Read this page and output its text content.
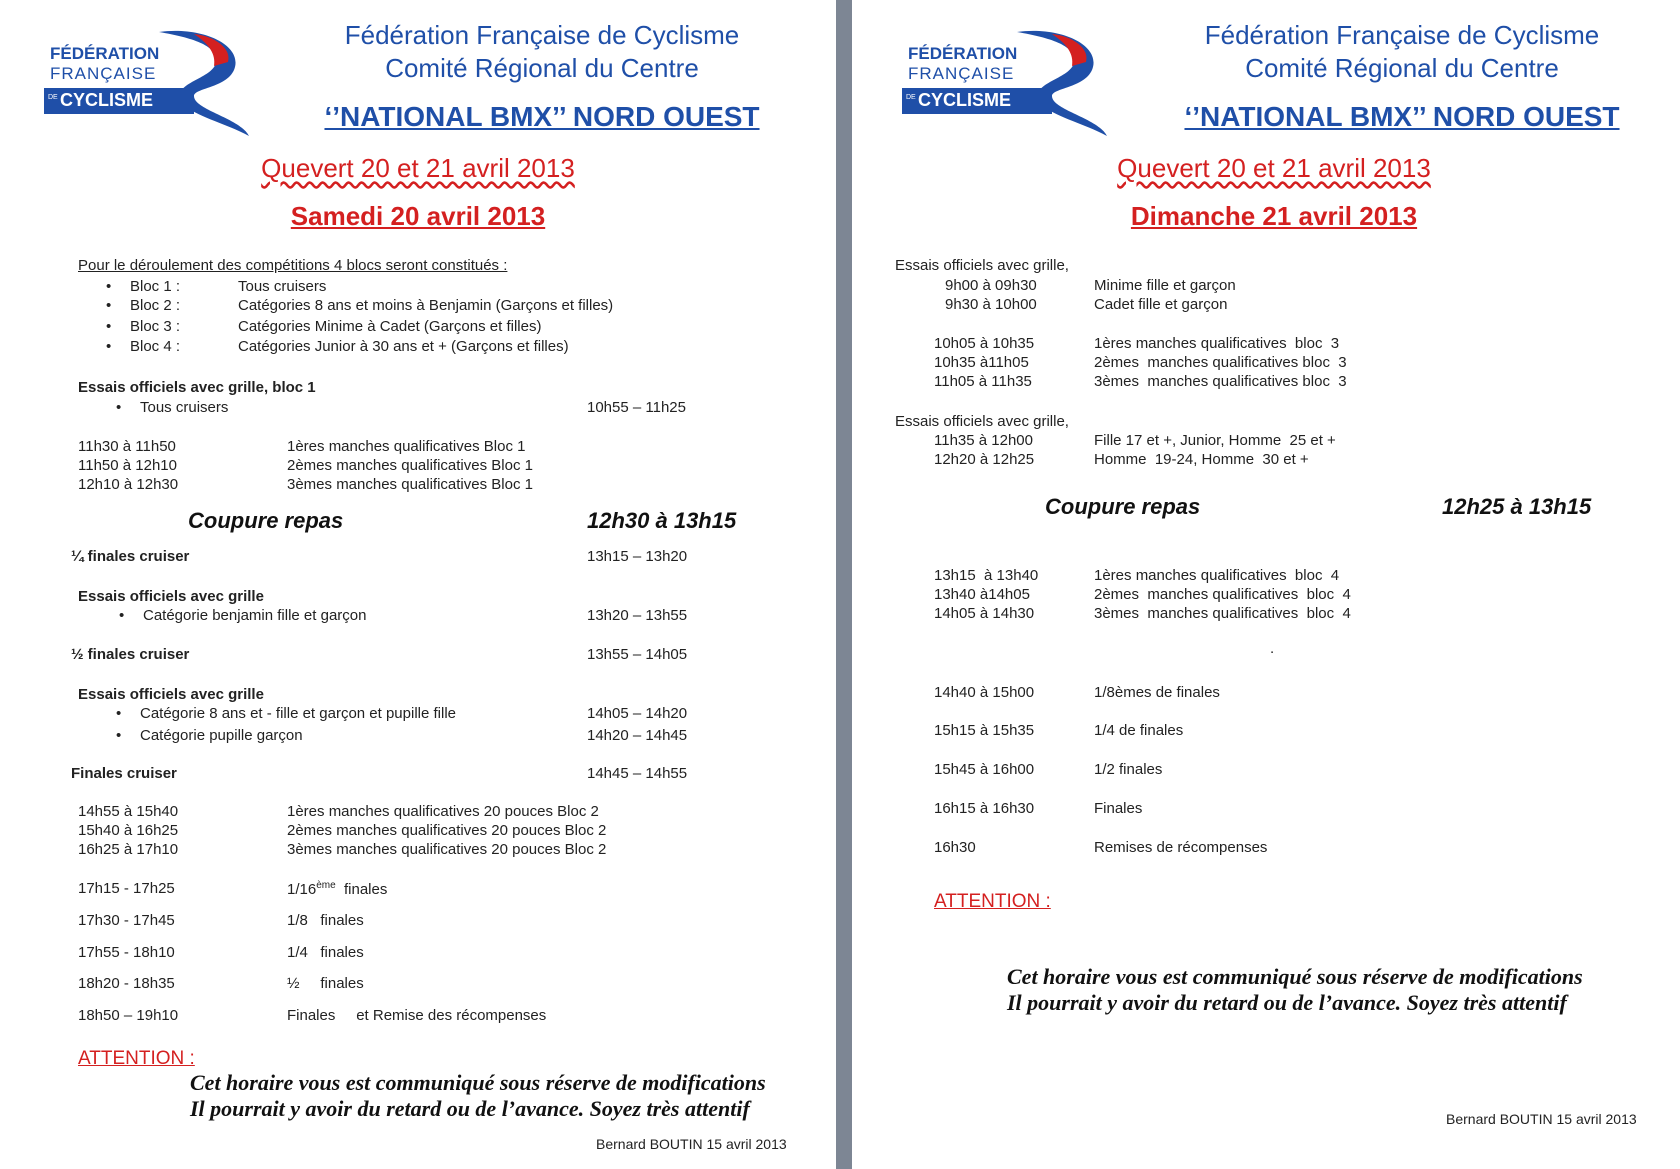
FÉDÉRATION
FRANÇAISE
DE CYCLISME
Fédération Française de Cyclisme
Comité Régional du Centre
‘’NATIONAL BMX’’ NORD OUEST
Quevert 20 et 21 avril 2013
Samedi 20 avril 2013
Pour le déroulement des compétitions 4 blocs seront constitués :
• Bloc 1 :	Tous cruisers
• Bloc 2 :	Catégories 8 ans et moins à Benjamin (Garçons et filles)
• Bloc 3 :	Catégories Minime à Cadet (Garçons et filles)
• Bloc 4 :	Catégories Junior à 30 ans et + (Garçons et filles)
Essais officiels avec grille, bloc 1
• Tous cruisers	10h55 – 11h25
11h30 à 11h50	1ères manches qualificatives Bloc 1
11h50 à 12h10	2èmes manches qualificatives Bloc 1
12h10 à 12h30	3èmes manches qualificatives Bloc 1
Coupure repas	12h30 à 13h15
¼ finales cruiser	13h15 – 13h20
Essais officiels avec grille
• Catégorie benjamin fille et garçon	13h20 – 13h55
½ finales cruiser	13h55 – 14h05
Essais officiels avec grille
• Catégorie 8 ans et - fille et garçon et pupille fille	14h05 – 14h20
• Catégorie pupille garçon	14h20 – 14h45
Finales cruiser	14h45 – 14h55
14h55 à 15h40	1ères manches qualificatives 20 pouces Bloc 2
15h40 à 16h25	2èmes manches qualificatives 20 pouces Bloc 2
16h25 à 17h10	3èmes manches qualificatives 20 pouces Bloc 2
17h15 - 17h25	1/16ème  finales
17h30 - 17h45	1/8   finales
17h55 - 18h10	1/4   finales
18h20 - 18h35	½     finales
18h50 – 19h10	Finales     et Remise des récompenses
ATTENTION :
Cet horaire vous est communiqué sous réserve de modifications
Il pourrait y avoir du retard ou de l’avance. Soyez très attentif
Bernard BOUTIN 15 avril 2013
FÉDÉRATION
FRANÇAISE
DE CYCLISME
Fédération Française de Cyclisme
Comité Régional du Centre
‘’NATIONAL BMX’’ NORD OUEST
Quevert 20 et 21 avril 2013
Dimanche 21 avril 2013
Essais officiels avec grille,
9h00 à 09h30	Minime fille et garçon
9h30 à 10h00	Cadet fille et garçon
10h05 à 10h35	1ères manches qualificatives  bloc  3
10h35 à11h05	2èmes  manches qualificatives bloc  3
11h05 à 11h35	3èmes  manches qualificatives bloc  3
Essais officiels avec grille,
11h35 à 12h00	Fille 17 et +, Junior, Homme  25 et +
12h20 à 12h25	Homme  19-24, Homme  30 et +
Coupure repas	12h25 à 13h15
13h15  à 13h40	1ères manches qualificatives  bloc  4
13h40 à14h05	2èmes  manches qualificatives  bloc  4
14h05 à 14h30	3èmes  manches qualificatives  bloc  4
.
14h40 à 15h00	1/8èmes de finales
15h15 à 15h35	1/4 de finales
15h45 à 16h00	1/2 finales
16h15 à 16h30	Finales
16h30	Remises de récompenses
ATTENTION :
Cet horaire vous est communiqué sous réserve de modifications
Il pourrait y avoir du retard ou de l’avance. Soyez très attentif
Bernard BOUTIN 15 avril 2013
